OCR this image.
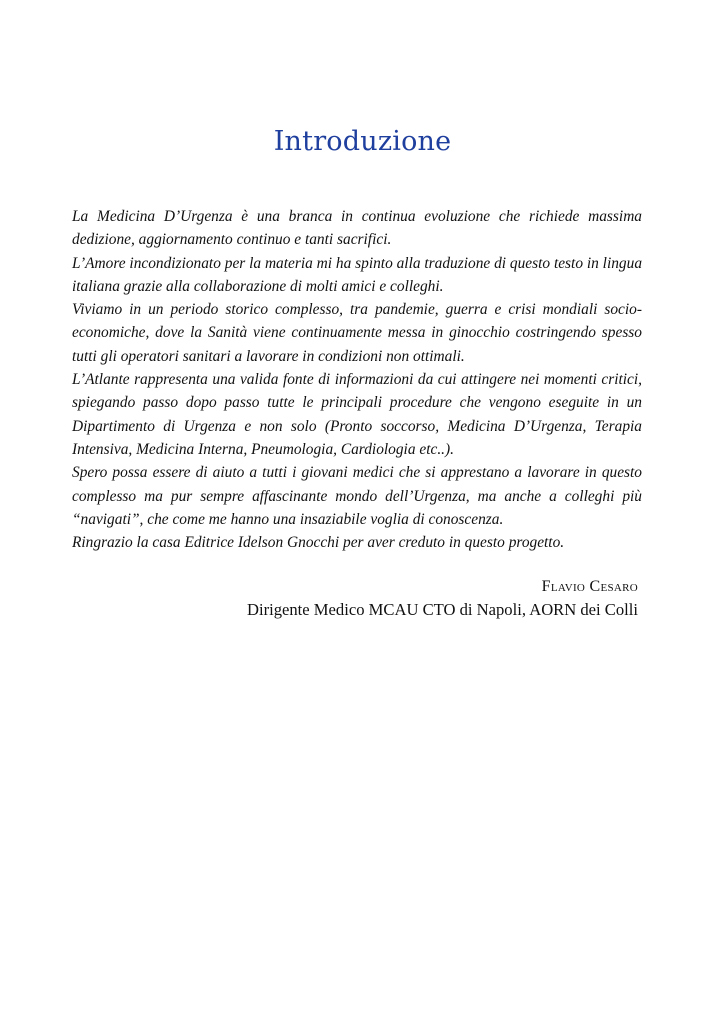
Introduzione

La Medicina D’Urgenza è una branca in continua evoluzione che richiede massima dedizione, aggiornamento continuo e tanti sacrifici.

L’Amore incondizionato per la materia mi ha spinto alla traduzione di questo testo in lingua italiana grazie alla collaborazione di molti amici e colleghi.

Viviamo in un periodo storico complesso, tra pandemie, guerra e crisi mondiali socio-economiche, dove la Sanità viene continuamente messa in ginocchio costringendo spesso tutti gli operatori sanitari a lavorare in condizioni non ottimali.

L’Atlante rappresenta una valida fonte di informazioni da cui attingere nei momenti critici, spiegando passo dopo passo tutte le principali procedure che vengono eseguite in un Dipartimento di Urgenza e non solo (Pronto soccorso, Medicina D’Urgenza, Terapia Intensiva, Medicina Interna, Pneumologia, Cardiologia etc..).

Spero possa essere di aiuto a tutti i giovani medici che si apprestano a lavorare in questo complesso ma pur sempre affascinante mondo dell’Urgenza, ma anche a colleghi più “navigati”, che come me hanno una insaziabile voglia di conoscenza.

Ringrazio la casa Editrice Idelson Gnocchi per aver creduto in questo progetto.

Flavio Cesaro
Dirigente Medico MCAU CTO di Napoli, AORN dei Colli
